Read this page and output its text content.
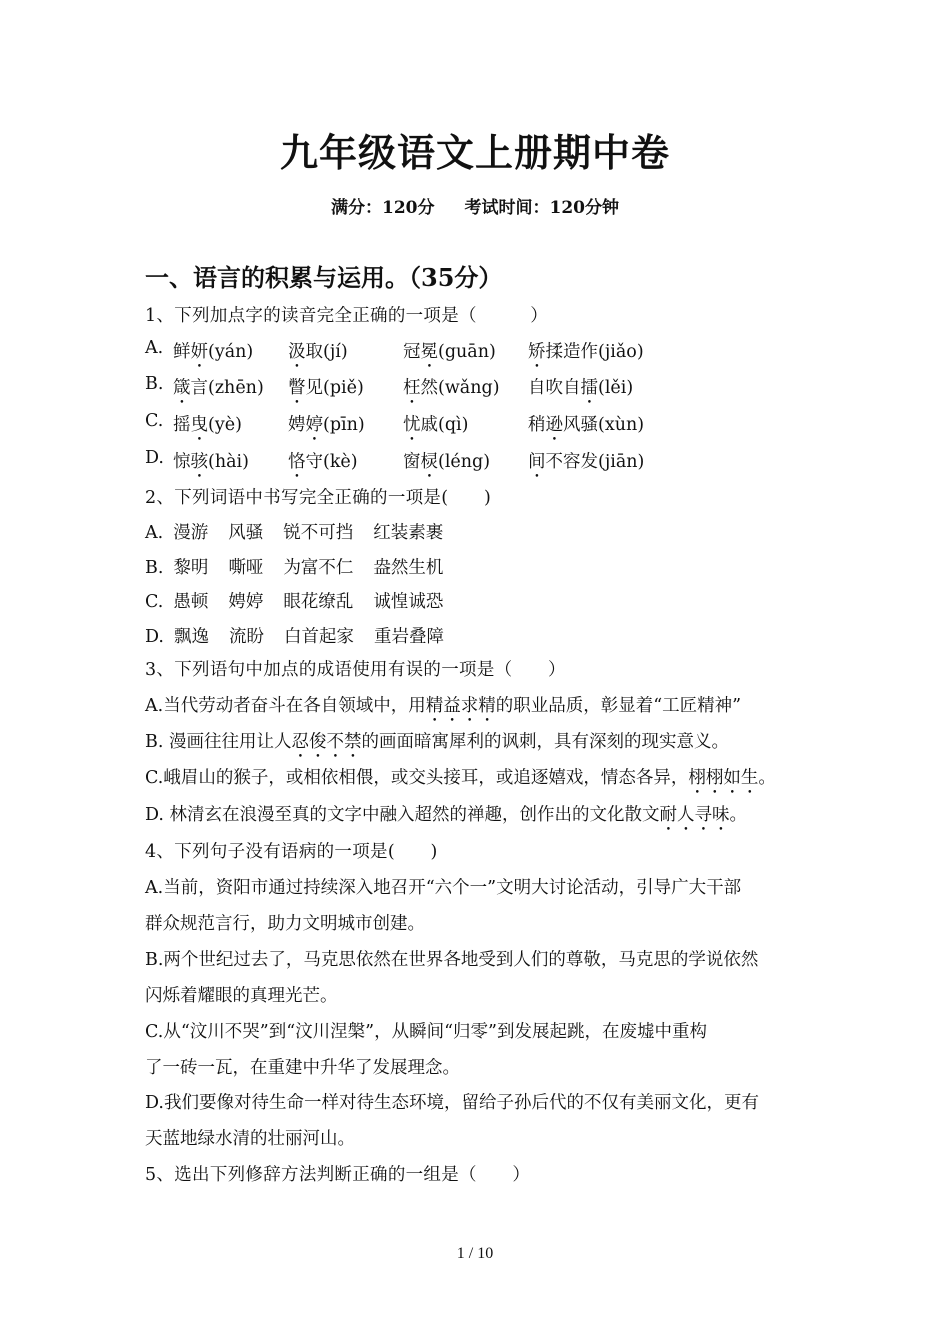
九年级语文上册期中卷
满分：120分 考试时间：120分钟
一、语言的积累与运用。（35分）
1、下列加点字的读音完全正确的一项是（　　　）
A. 鲜妍(yán) 汲取(jí)	冠冕(guān) 矫揉造作(jiǎo)
B. 箴言(zhēn) 瞥见(piě) 枉然(wǎng) 自吹自擂(lěi)
C. 摇曳(yè)	娉婷(pīn) 忧戚(qì)	稍逊风骚(xùn)
D. 惊骇(hài) 恪守(kè)	窗棂(léng) 间不容发(jiān)
2、下列词语中书写完全正确的一项是(　　)
A. 漫游 风骚 锐不可挡 红装素裹
B. 黎明 嘶哑 为富不仁 盎然生机
C. 愚顿 娉婷 眼花缭乱 诚惶诚恐
D. 飘逸 流盼 白首起家 重岩叠障
3、下列语句中加点的成语使用有误的一项是（　　）
A.当代劳动者奋斗在各自领域中，用精益求精的职业品质，彰显着“工匠精神”
B. 漫画往往用让人忍俊不禁的画面暗寓犀利的讽刺，具有深刻的现实意义。
C.峨眉山的猴子，或相依相偎，或交头接耳，或追逐嬉戏，情态各异，栩栩如生。
D. 林清玄在浪漫至真的文字中融入超然的禅趣，创作出的文化散文耐人寻味。
4、下列句子没有语病的一项是(　　)
A.当前，资阳市通过持续深入地召开“六个一”文明大讨论活动，引导广大干部
群众规范言行，助力文明城市创建。
B.两个世纪过去了，马克思依然在世界各地受到人们的尊敬，马克思的学说依然
闪烁着耀眼的真理光芒。
C.从“汶川不哭”到“汶川涅槃”，从瞬间“归零”到发展起跳，在废墟中重构
了一砖一瓦，在重建中升华了发展理念。
D.我们要像对待生命一样对待生态环境，留给子孙后代的不仅有美丽文化，更有
天蓝地绿水清的壮丽河山。
5、选出下列修辞方法判断正确的一组是（　　）
1 / 10
